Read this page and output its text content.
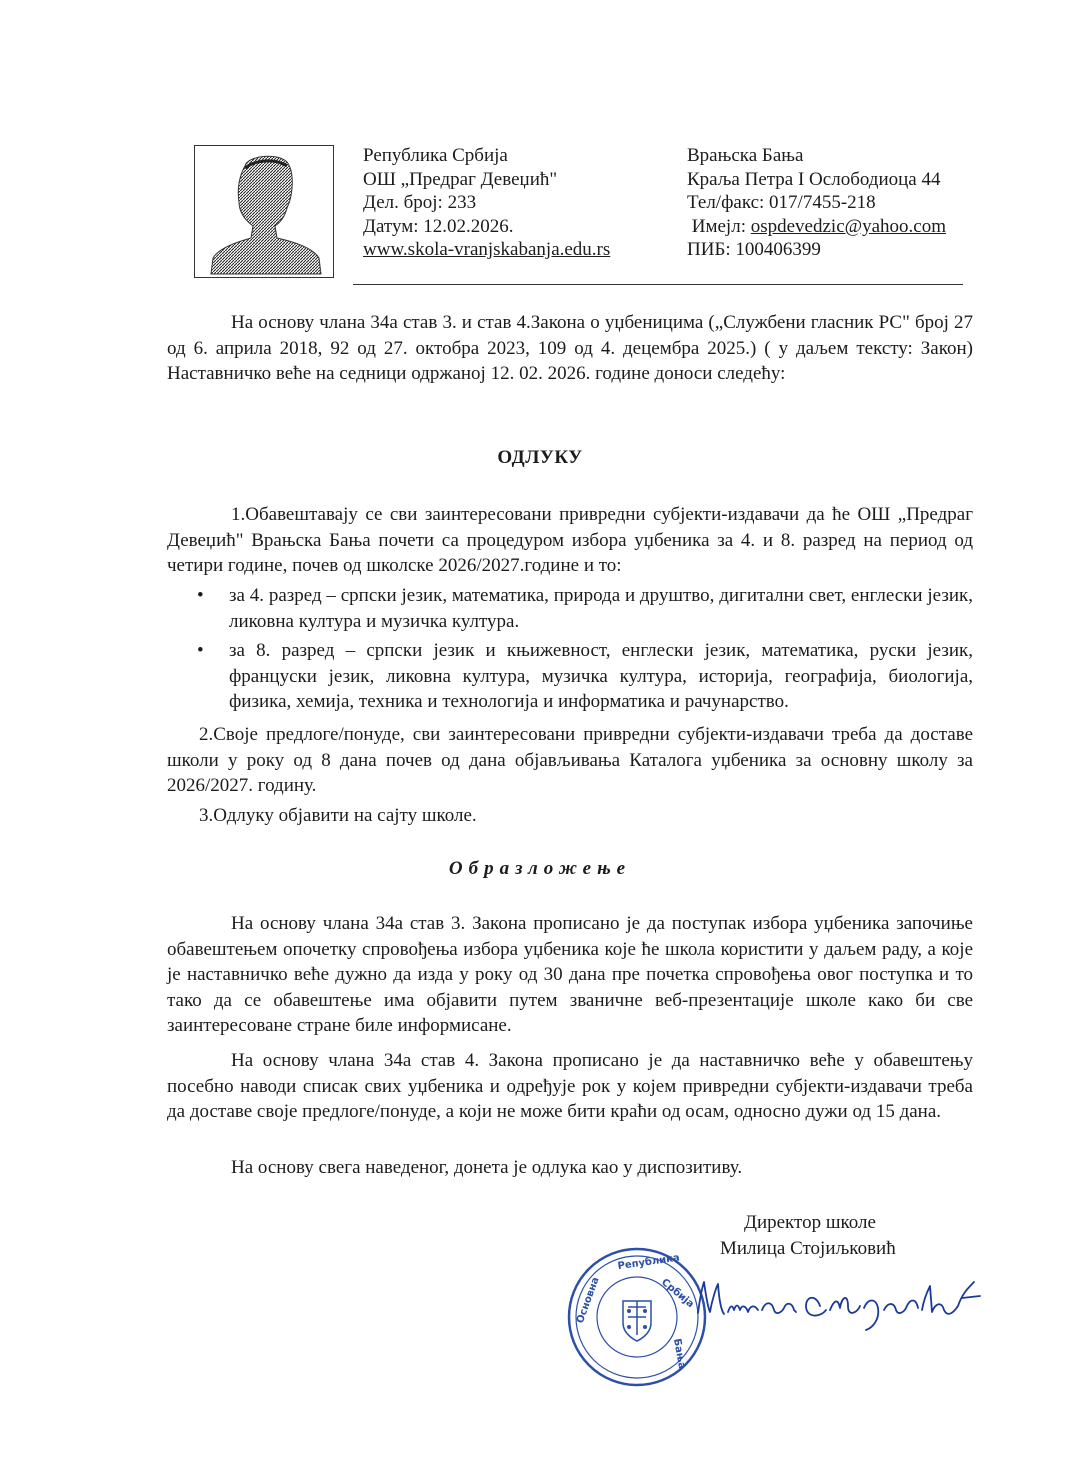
Република Србија
ОШ „Предраг Девеџић"
Дел. број: 233
Датум: 12.02.2026.
www.skola-vranjskabanja.edu.rs
Врањска Бања
Краља Петра I Ослободиоца 44
Тел/факс: 017/7455-218
Имејл: ospdevedzic@yahoo.com
ПИБ: 100406399
На основу члана 34а став 3. и став 4.Закона о уџбеницима („Службени гласник РС" број 27 од 6. априла 2018, 92 од 27. октобра 2023, 109 од 4. децембра 2025.) ( у даљем тексту: Закон) Наставничко веће на седници одржаној 12. 02. 2026. године доноси следећу:
ОДЛУКУ
1.Обавештавају се сви заинтересовани привредни субјекти-издавачи да ће ОШ „Предраг Девеџић" Врањска Бања почети са процедуром избора уџбеника за 4. и 8. разред на период од четири године, почев од школске 2026/2027.године и то:
• за 4. разред – српски језик, математика, природа и друштво, дигитални свет, енглески језик, ликовна култура и музичка култура.
• за 8. разред – српски језик и књижевност, енглески језик, математика, руски језик, француски језик, ликовна култура, музичка култура, историја, географија, биологија, физика, хемија, техника и технологија и информатика и рачунарство.
2.Своје предлоге/понуде, сви заинтересовани привредни субјекти-издавачи треба да доставе школи у року од 8 дана почев од дана објављивања Каталога уџбеника за основну школу за 2026/2027. годину.
3.Одлуку објавити на сајту школе.
Образложење
На основу члана 34а став 3. Закона прописано је да поступак избора уџбеника започиње обавештењем опочетку спровођења избора уџбеника које ће школа користити у даљем раду, а које је наставничко веће дужно да изда у року од 30 дана пре почетка спровођења овог поступка и то тако да се обавештење има објавити путем званичне веб-презентације школе како би све заинтересоване стране биле информисане.
На основу члана 34а став 4. Закона прописано је да наставничко веће у обавештењу посебно наводи списак свих уџбеника и одређује рок у којем привредни субјекти-издавачи треба да доставе своје предлоге/понуде, а који не може бити краћи од осам, односно дужи од 15 дана.
На основу свега наведеног, донета је одлука као у диспозитиву.
Директор школе
Милица Стојиљковић
Република
Србија
Основна
Бања
